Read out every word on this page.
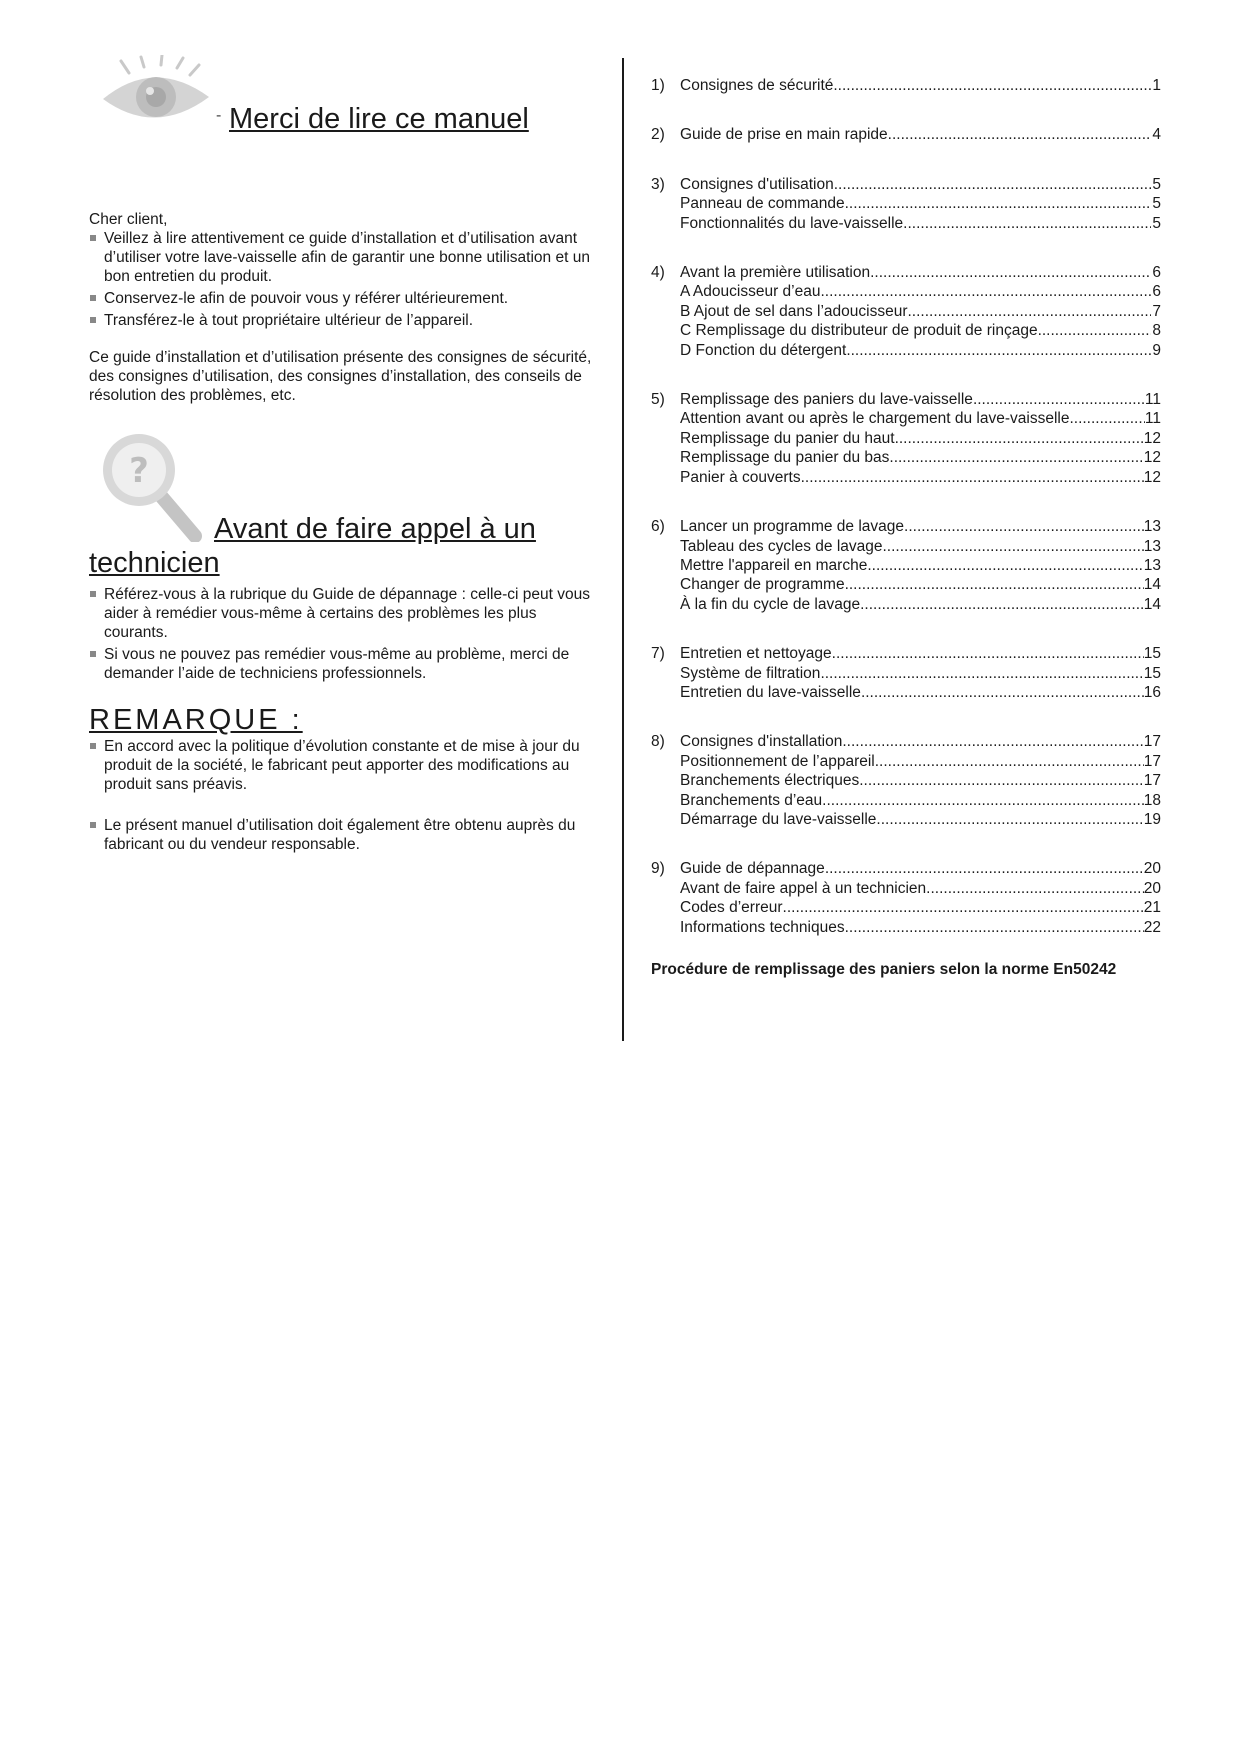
- Merci de lire ce manuel

Cher client,

Veillez à lire attentivement ce guide d’installation et d’utilisation avant d’utiliser votre lave-vaisselle afin de garantir une bonne utilisation et un bon entretien du produit.
Conservez-le afin de pouvoir vous y référer ultérieurement.
Transférez-le à tout propriétaire ultérieur de l’appareil.

Ce guide d’installation et d’utilisation présente des consignes de sécurité, des consignes d’utilisation, des consignes d’installation, des conseils de résolution des problèmes, etc.

?
Avant de faire appel à un technicien
Référez-vous à la rubrique du Guide de dépannage : celle-ci peut vous aider à remédier vous-même à certains des problèmes les plus courants.
Si vous ne pouvez pas remédier vous-même au problème, merci de demander l’aide de techniciens professionnels.
REMARQUE :
En accord avec la politique d’évolution constante et de mise à jour du produit de la société, le fabricant peut apporter des modifications au produit sans préavis.
Le présent manuel d’utilisation doit également être obtenu auprès du fabricant ou du vendeur responsable.
1) Consignes de sécurité .....	1
2) Guide de prise en main rapide .....	4
3) Consignes d'utilisation .....	5
Panneau de commande .....	5
Fonctionnalités du lave-vaisselle .....	5
4) Avant la première utilisation .....	6
A Adoucisseur d’eau .....	6
B Ajout de sel dans l’adoucisseur .....	7
C Remplissage du distributeur de produit de rinçage .....	8
D Fonction du détergent .....	9
5) Remplissage des paniers du lave-vaisselle .....	11
Attention avant ou après le chargement du lave-vaisselle .....	11
Remplissage du panier du haut .....	12
Remplissage du panier du bas .....	12
Panier à couverts .....	12
6) Lancer un programme de lavage .....	13
Tableau des cycles de lavage .....	13
Mettre l'appareil en marche .....	13
Changer de programme .....	14
À la fin du cycle de lavage .....	14
7) Entretien et nettoyage .....	15
Système de filtration .....	15
Entretien du lave-vaisselle .....	16
8) Consignes d'installation .....	17
Positionnement de l’appareil .....	17
Branchements électriques .....	17
Branchements d’eau .....	18
Démarrage du lave-vaisselle .....	19
9) Guide de dépannage .....	20
Avant de faire appel à un technicien .....	20
Codes d’erreur .....	21
Informations techniques .....	22
Procédure de remplissage des paniers selon la norme En50242
